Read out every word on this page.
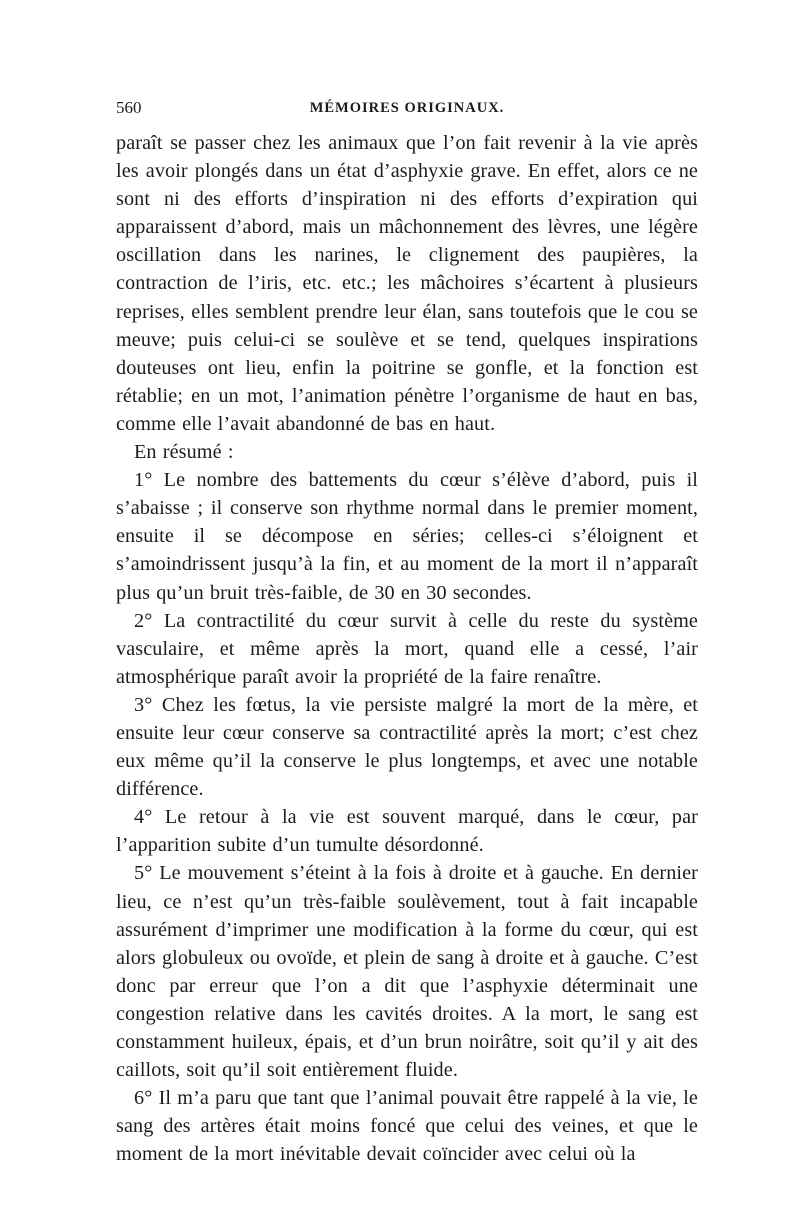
560	MÉMOIRES ORIGINAUX.

paraît se passer chez les animaux que l’on fait revenir à la vie après les avoir plongés dans un état d’asphyxie grave. En effet, alors ce ne sont ni des efforts d’inspiration ni des efforts d’expiration qui apparaissent d’abord, mais un mâchonnement des lèvres, une légère oscillation dans les narines, le clignement des paupières, la contraction de l’iris, etc. etc.; les mâchoires s’écartent à plusieurs reprises, elles semblent prendre leur élan, sans toutefois que le cou se meuve; puis celui-ci se soulève et se tend, quelques inspirations douteuses ont lieu, enfin la poitrine se gonfle, et la fonction est rétablie; en un mot, l’animation pénètre l’organisme de haut en bas, comme elle l’avait abandonné de bas en haut.

En résumé :

1° Le nombre des battements du cœur s’élève d’abord, puis il s’abaisse ; il conserve son rhythme normal dans le premier moment, ensuite il se décompose en séries; celles-ci s’éloignent et s’amoindrissent jusqu’à la fin, et au moment de la mort il n’apparaît plus qu’un bruit très-faible, de 30 en 30 secondes.

2° La contractilité du cœur survit à celle du reste du système vasculaire, et même après la mort, quand elle a cessé, l’air atmosphérique paraît avoir la propriété de la faire renaître.

3° Chez les fœtus, la vie persiste malgré la mort de la mère, et ensuite leur cœur conserve sa contractilité après la mort; c’est chez eux même qu’il la conserve le plus longtemps, et avec une notable différence.

4° Le retour à la vie est souvent marqué, dans le cœur, par l’apparition subite d’un tumulte désordonné.

5° Le mouvement s’éteint à la fois à droite et à gauche. En dernier lieu, ce n’est qu’un très-faible soulèvement, tout à fait incapable assurément d’imprimer une modification à la forme du cœur, qui est alors globuleux ou ovoïde, et plein de sang à droite et à gauche. C’est donc par erreur que l’on a dit que l’asphyxie déterminait une congestion relative dans les cavités droites. A la mort, le sang est constamment huileux, épais, et d’un brun noirâtre, soit qu’il y ait des caillots, soit qu’il soit entièrement fluide.

6° Il m’a paru que tant que l’animal pouvait être rappelé à la vie, le sang des artères était moins foncé que celui des veines, et que le moment de la mort inévitable devait coïncider avec celui où la
